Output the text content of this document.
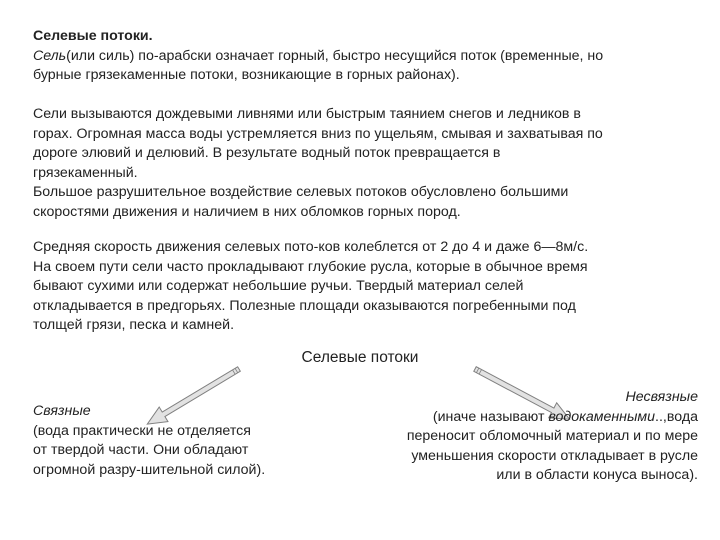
Селевые потоки.
Сель(или силь) по-арабски означает горный, быстро несущийся поток (временные, но
бурные грязекаменные потоки, возникающие в горных районах).
Сели вызываются дождевыми ливнями или быстрым таянием снегов и ледников в
горах. Огромная масса воды устремляется вниз по ущельям, смывая и захватывая по
дороге элювий и делювий. В результате водный поток превращается в
грязекаменный.
Большое разрушительное воздействие селевых потоков обусловлено большими
скоростями движения и наличием в них обломков горных пород.
Средняя скорость движения селевых пото-ков колеблется от 2 до 4 и даже 6—8м/с.
На своем пути сели часто прокладывают глубокие русла, которые в обычное время
бывают сухими или содержат небольшие ручьи. Твердый материал селей
откладывается в предгорьях. Полезные площади оказываются погребенными под
толщей грязи, песка и камней.
Селевые потоки
Связные
(вода практически не отделяется
от твердой части. Они обладают
огромной разру-шительной силой).
Несвязные
(иначе называют водокаменными..,вода
переносит обломочный материал и по мере
уменьшения скорости откладывает в русле
или в области конуса выноса).
